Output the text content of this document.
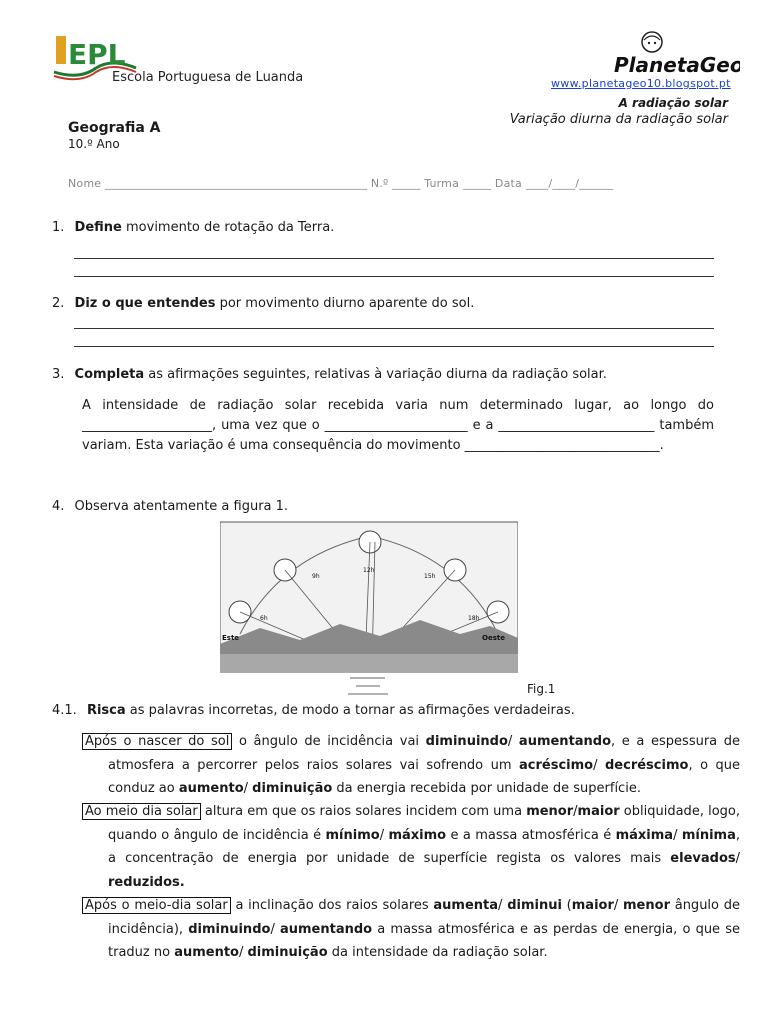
EPL
Escola Portuguesa de Luanda
PlanetaGeo
www.planetageo10.blogspot.pt
A radiação solar
Variação diurna da radiação solar
Geografia A
10.º Ano
Nome ______________________________________________ N.º _____ Turma _____ Data ____/____/______
1. Define movimento de rotação da Terra.
2. Diz o que entendes por movimento diurno aparente do sol.
3. Completa as afirmações seguintes, relativas à variação diurna da radiação solar.
A intensidade de radiação solar recebida varia num determinado lugar, ao longo do ____________________, uma vez que o ______________________ e a ________________________ também variam. Esta variação é uma consequência do movimento ______________________________.
4. Observa atentamente a figura 1.
Este	Oeste
6h
9h
12h
15h
18h
Fig.1
4.1. Risca as palavras incorretas, de modo a tornar as afirmações verdadeiras.
Após o nascer do sol o ângulo de incidência vai diminuindo/ aumentando, e a espessura de atmosfera a percorrer pelos raios solares vai sofrendo um acréscimo/ decréscimo, o que conduz ao aumento/ diminuição da energia recebida por unidade de superfície.
Ao meio dia solar altura em que os raios solares incidem com uma menor/maior obliquidade, logo, quando o ângulo de incidência é mínimo/ máximo e a massa atmosférica é máxima/ mínima, a concentração de energia por unidade de superfície regista os valores mais elevados/ reduzidos.
Após o meio-dia solar a inclinação dos raios solares aumenta/ diminui (maior/ menor ângulo de incidência), diminuindo/ aumentando a massa atmosférica e as perdas de energia, o que se traduz no aumento/ diminuição da intensidade da radiação solar.
